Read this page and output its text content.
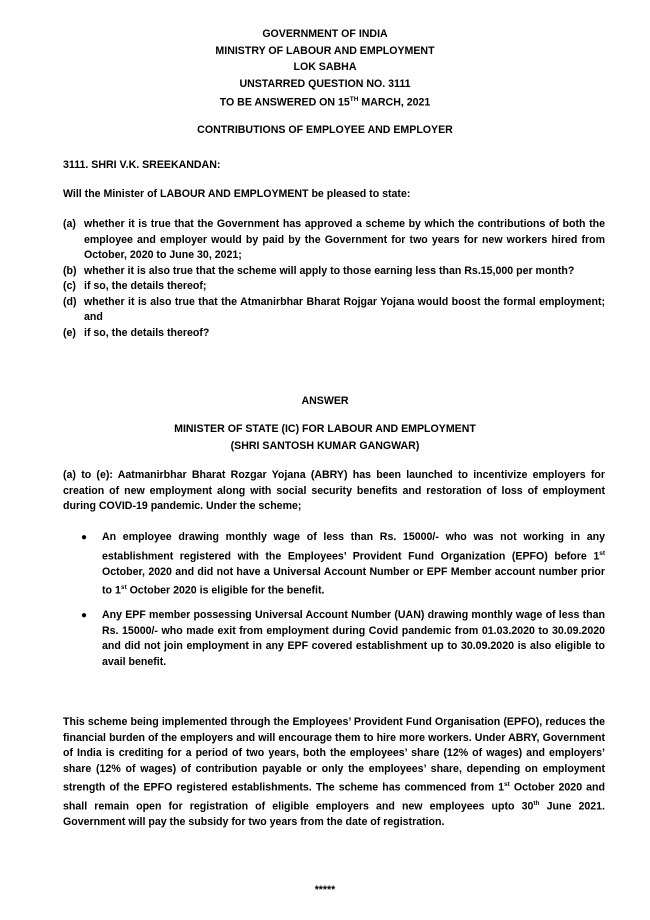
GOVERNMENT OF INDIA
MINISTRY OF LABOUR AND EMPLOYMENT
LOK SABHA
UNSTARRED QUESTION NO. 3111
TO BE ANSWERED ON 15TH MARCH, 2021
CONTRIBUTIONS OF EMPLOYEE AND EMPLOYER
3111. SHRI V.K. SREEKANDAN:
Will the Minister of LABOUR AND EMPLOYMENT be pleased to state:
(a) whether it is true that the Government has approved a scheme by which the contributions of both the employee and employer would by paid by the Government for two years for new workers hired from October, 2020 to June 30, 2021;
(b) whether it is also true that the scheme will apply to those earning less than Rs.15,000 per month?
(c) if so, the details thereof;
(d) whether it is also true that the Atmanirbhar Bharat Rojgar Yojana would boost the formal employment; and
(e) if so, the details thereof?
ANSWER
MINISTER OF STATE (IC) FOR LABOUR AND EMPLOYMENT
(SHRI SANTOSH KUMAR GANGWAR)
(a) to (e): Aatmanirbhar Bharat Rozgar Yojana (ABRY) has been launched to incentivize employers for creation of new employment along with social security benefits and restoration of loss of employment during COVID-19 pandemic. Under the scheme;
● An employee drawing monthly wage of less than Rs. 15000/- who was not working in any establishment registered with the Employees’ Provident Fund Organization (EPFO) before 1st October, 2020 and did not have a Universal Account Number or EPF Member account number prior to 1st October 2020 is eligible for the benefit.
● Any EPF member possessing Universal Account Number (UAN) drawing monthly wage of less than Rs. 15000/- who made exit from employment during Covid pandemic from 01.03.2020 to 30.09.2020 and did not join employment in any EPF covered establishment up to 30.09.2020 is also eligible to avail benefit.
This scheme being implemented through the Employees’ Provident Fund Organisation (EPFO), reduces the financial burden of the employers and will encourage them to hire more workers. Under ABRY, Government of India is crediting for a period of two years, both the employees’ share (12% of wages) and employers’ share (12% of wages) of contribution payable or only the employees’ share, depending on employment strength of the EPFO registered establishments. The scheme has commenced from 1st October 2020 and shall remain open for registration of eligible employers and new employees upto 30th June 2021. Government will pay the subsidy for two years from the date of registration.
*****
